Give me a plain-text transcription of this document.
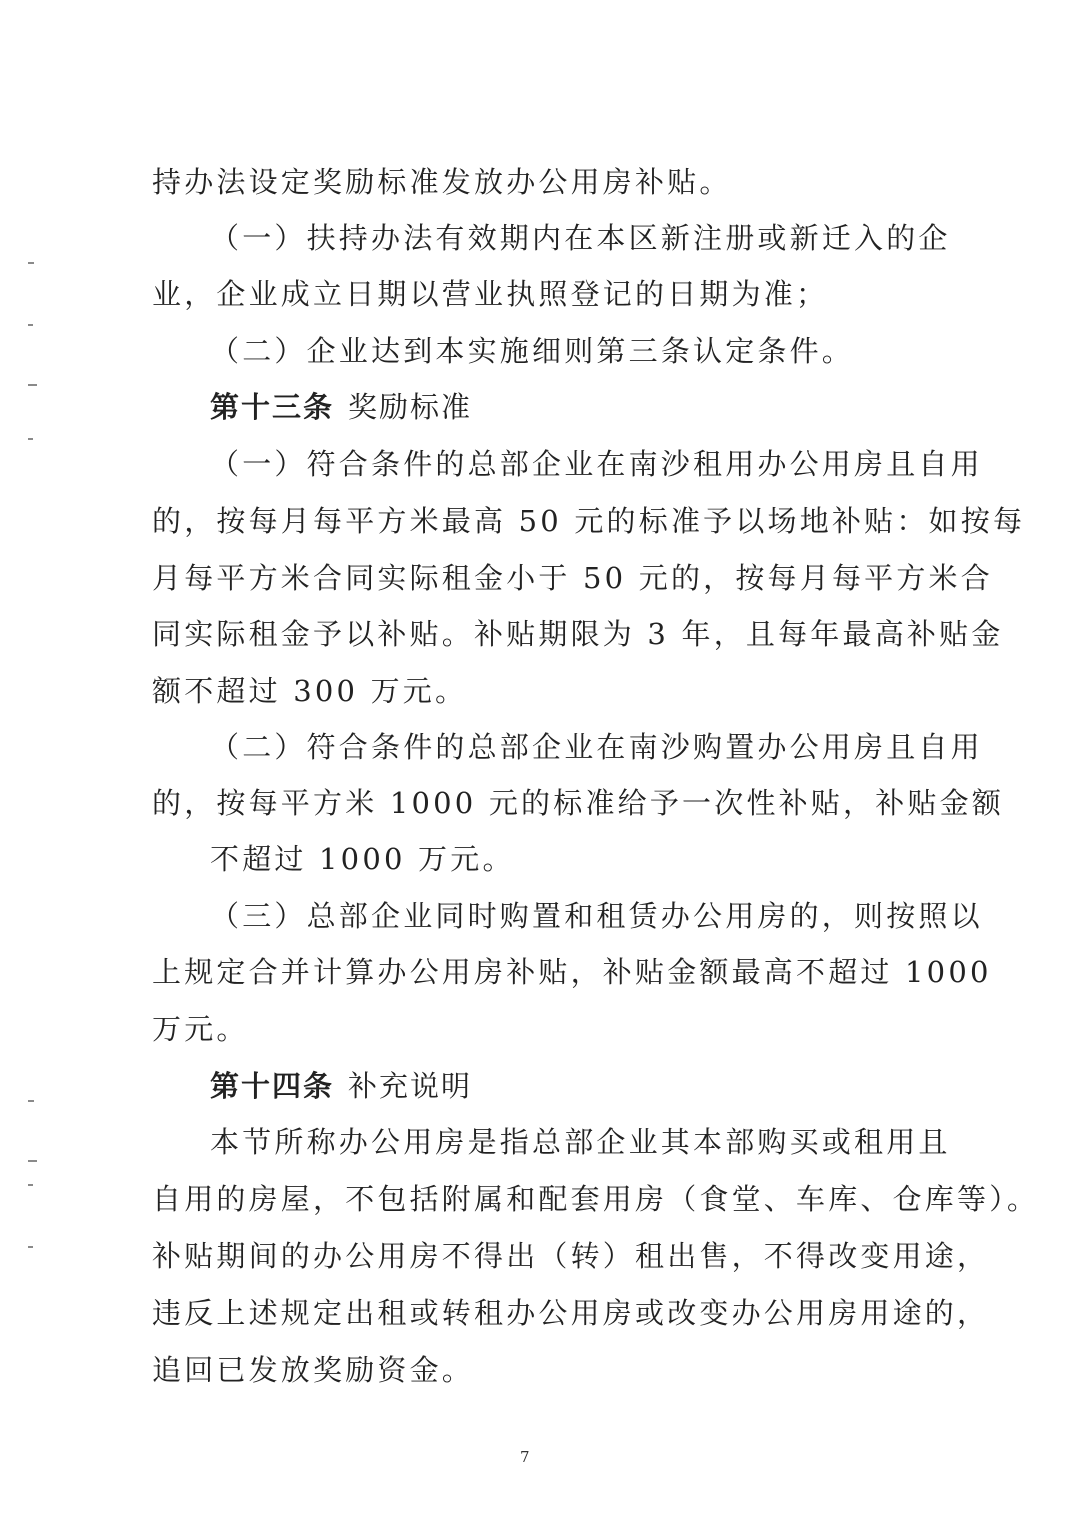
持办法设定奖励标准发放办公用房补贴。
（一）扶持办法有效期内在本区新注册或新迁入的企
业，企业成立日期以营业执照登记的日期为准；
（二）企业达到本实施细则第三条认定条件。
第十三条 奖励标准
（一）符合条件的总部企业在南沙租用办公用房且自用
的，按每月每平方米最高 50 元的标准予以场地补贴：如按每
月每平方米合同实际租金小于 50 元的，按每月每平方米合
同实际租金予以补贴。补贴期限为 3 年，且每年最高补贴金
额不超过 300 万元。
（二）符合条件的总部企业在南沙购置办公用房且自用
的，按每平方米 1000 元的标准给予一次性补贴，补贴金额
不超过 1000 万元。
（三）总部企业同时购置和租赁办公用房的，则按照以
上规定合并计算办公用房补贴，补贴金额最高不超过 1000
万元。
第十四条 补充说明
本节所称办公用房是指总部企业其本部购买或租用且
自用的房屋，不包括附属和配套用房（食堂、车库、仓库等）。
补贴期间的办公用房不得出（转）租出售，不得改变用途，
违反上述规定出租或转租办公用房或改变办公用房用途的，
追回已发放奖励资金。
7
